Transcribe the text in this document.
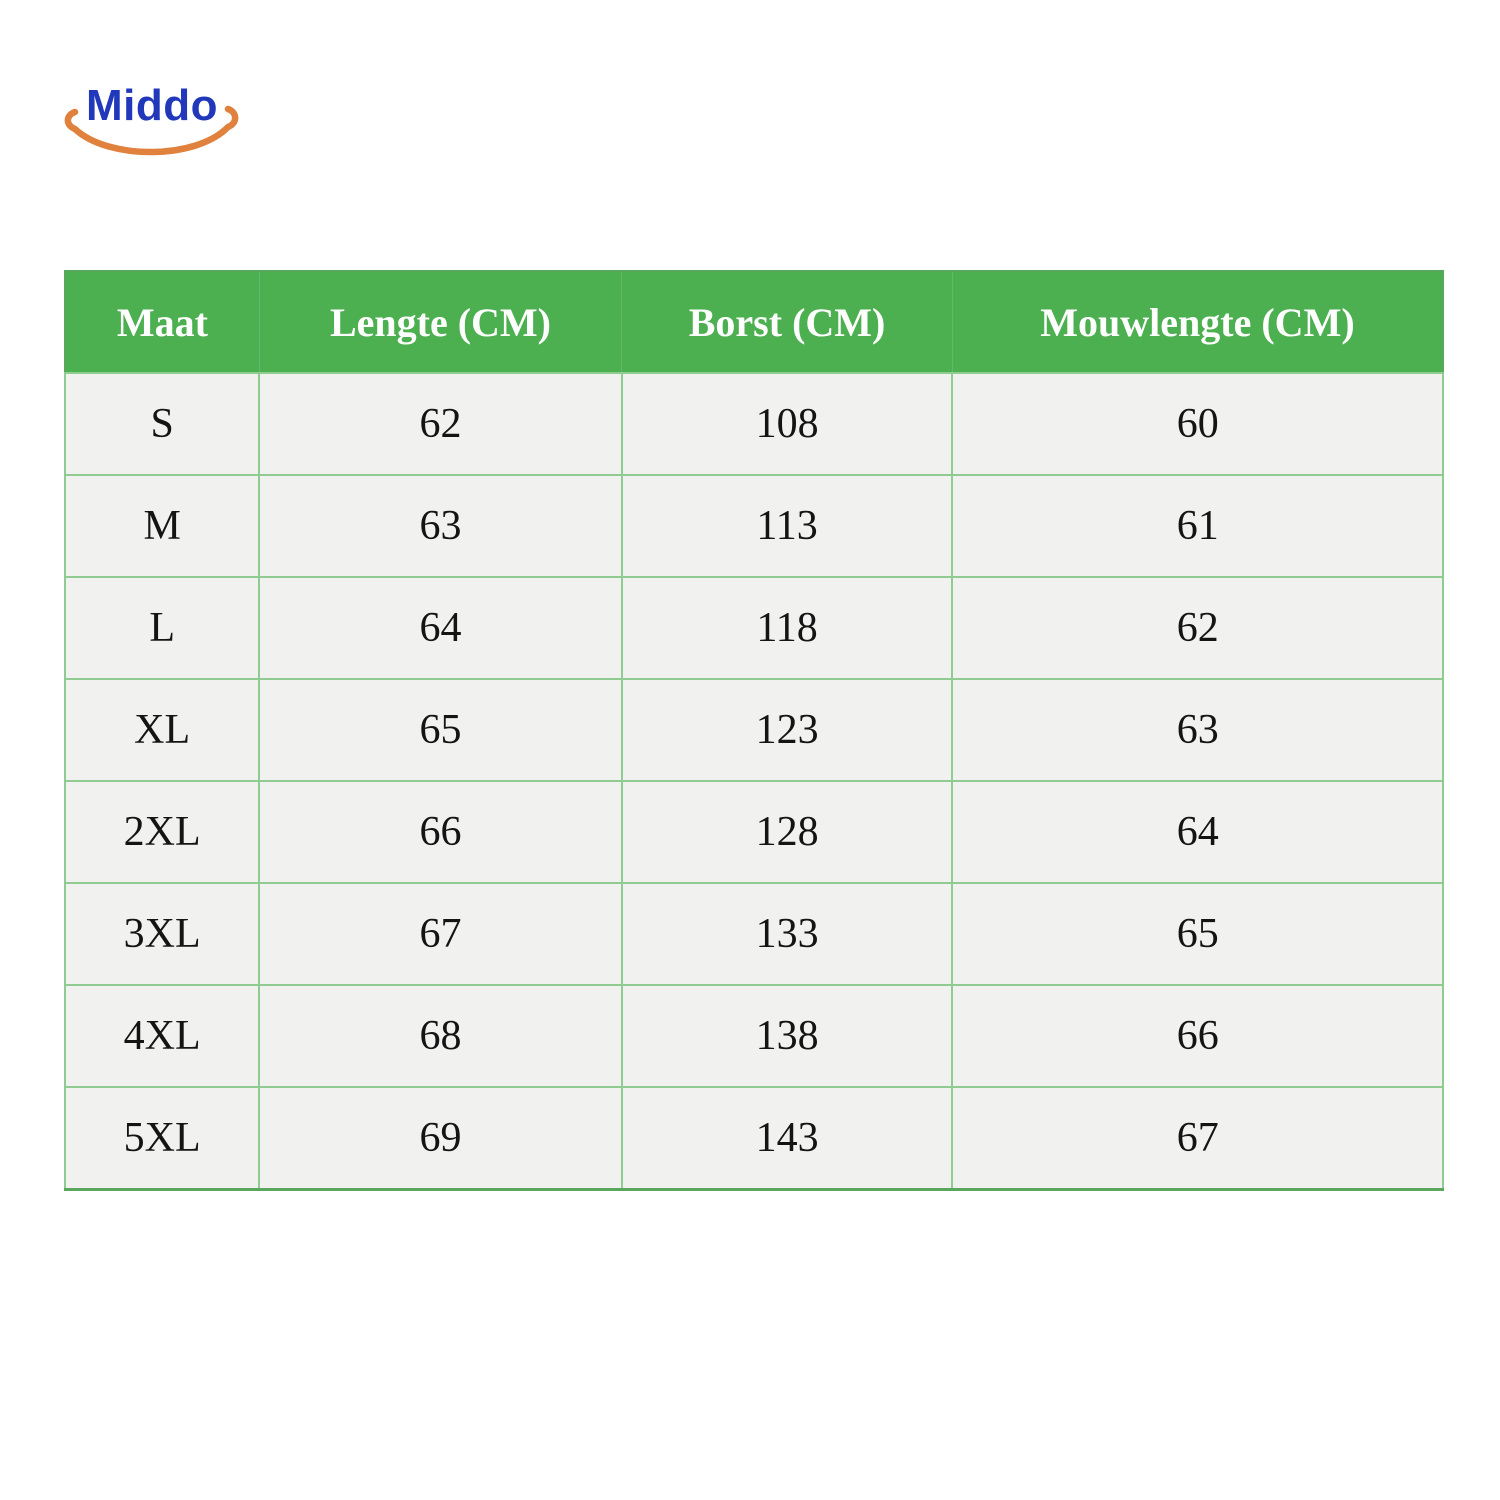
Middo
Maat	Lengte (CM)	Borst (CM)	Mouwlengte (CM)
S	62	108	60
M	63	113	61
L	64	118	62
XL	65	123	63
2XL	66	128	64
3XL	67	133	65
4XL	68	138	66
5XL	69	143	67
